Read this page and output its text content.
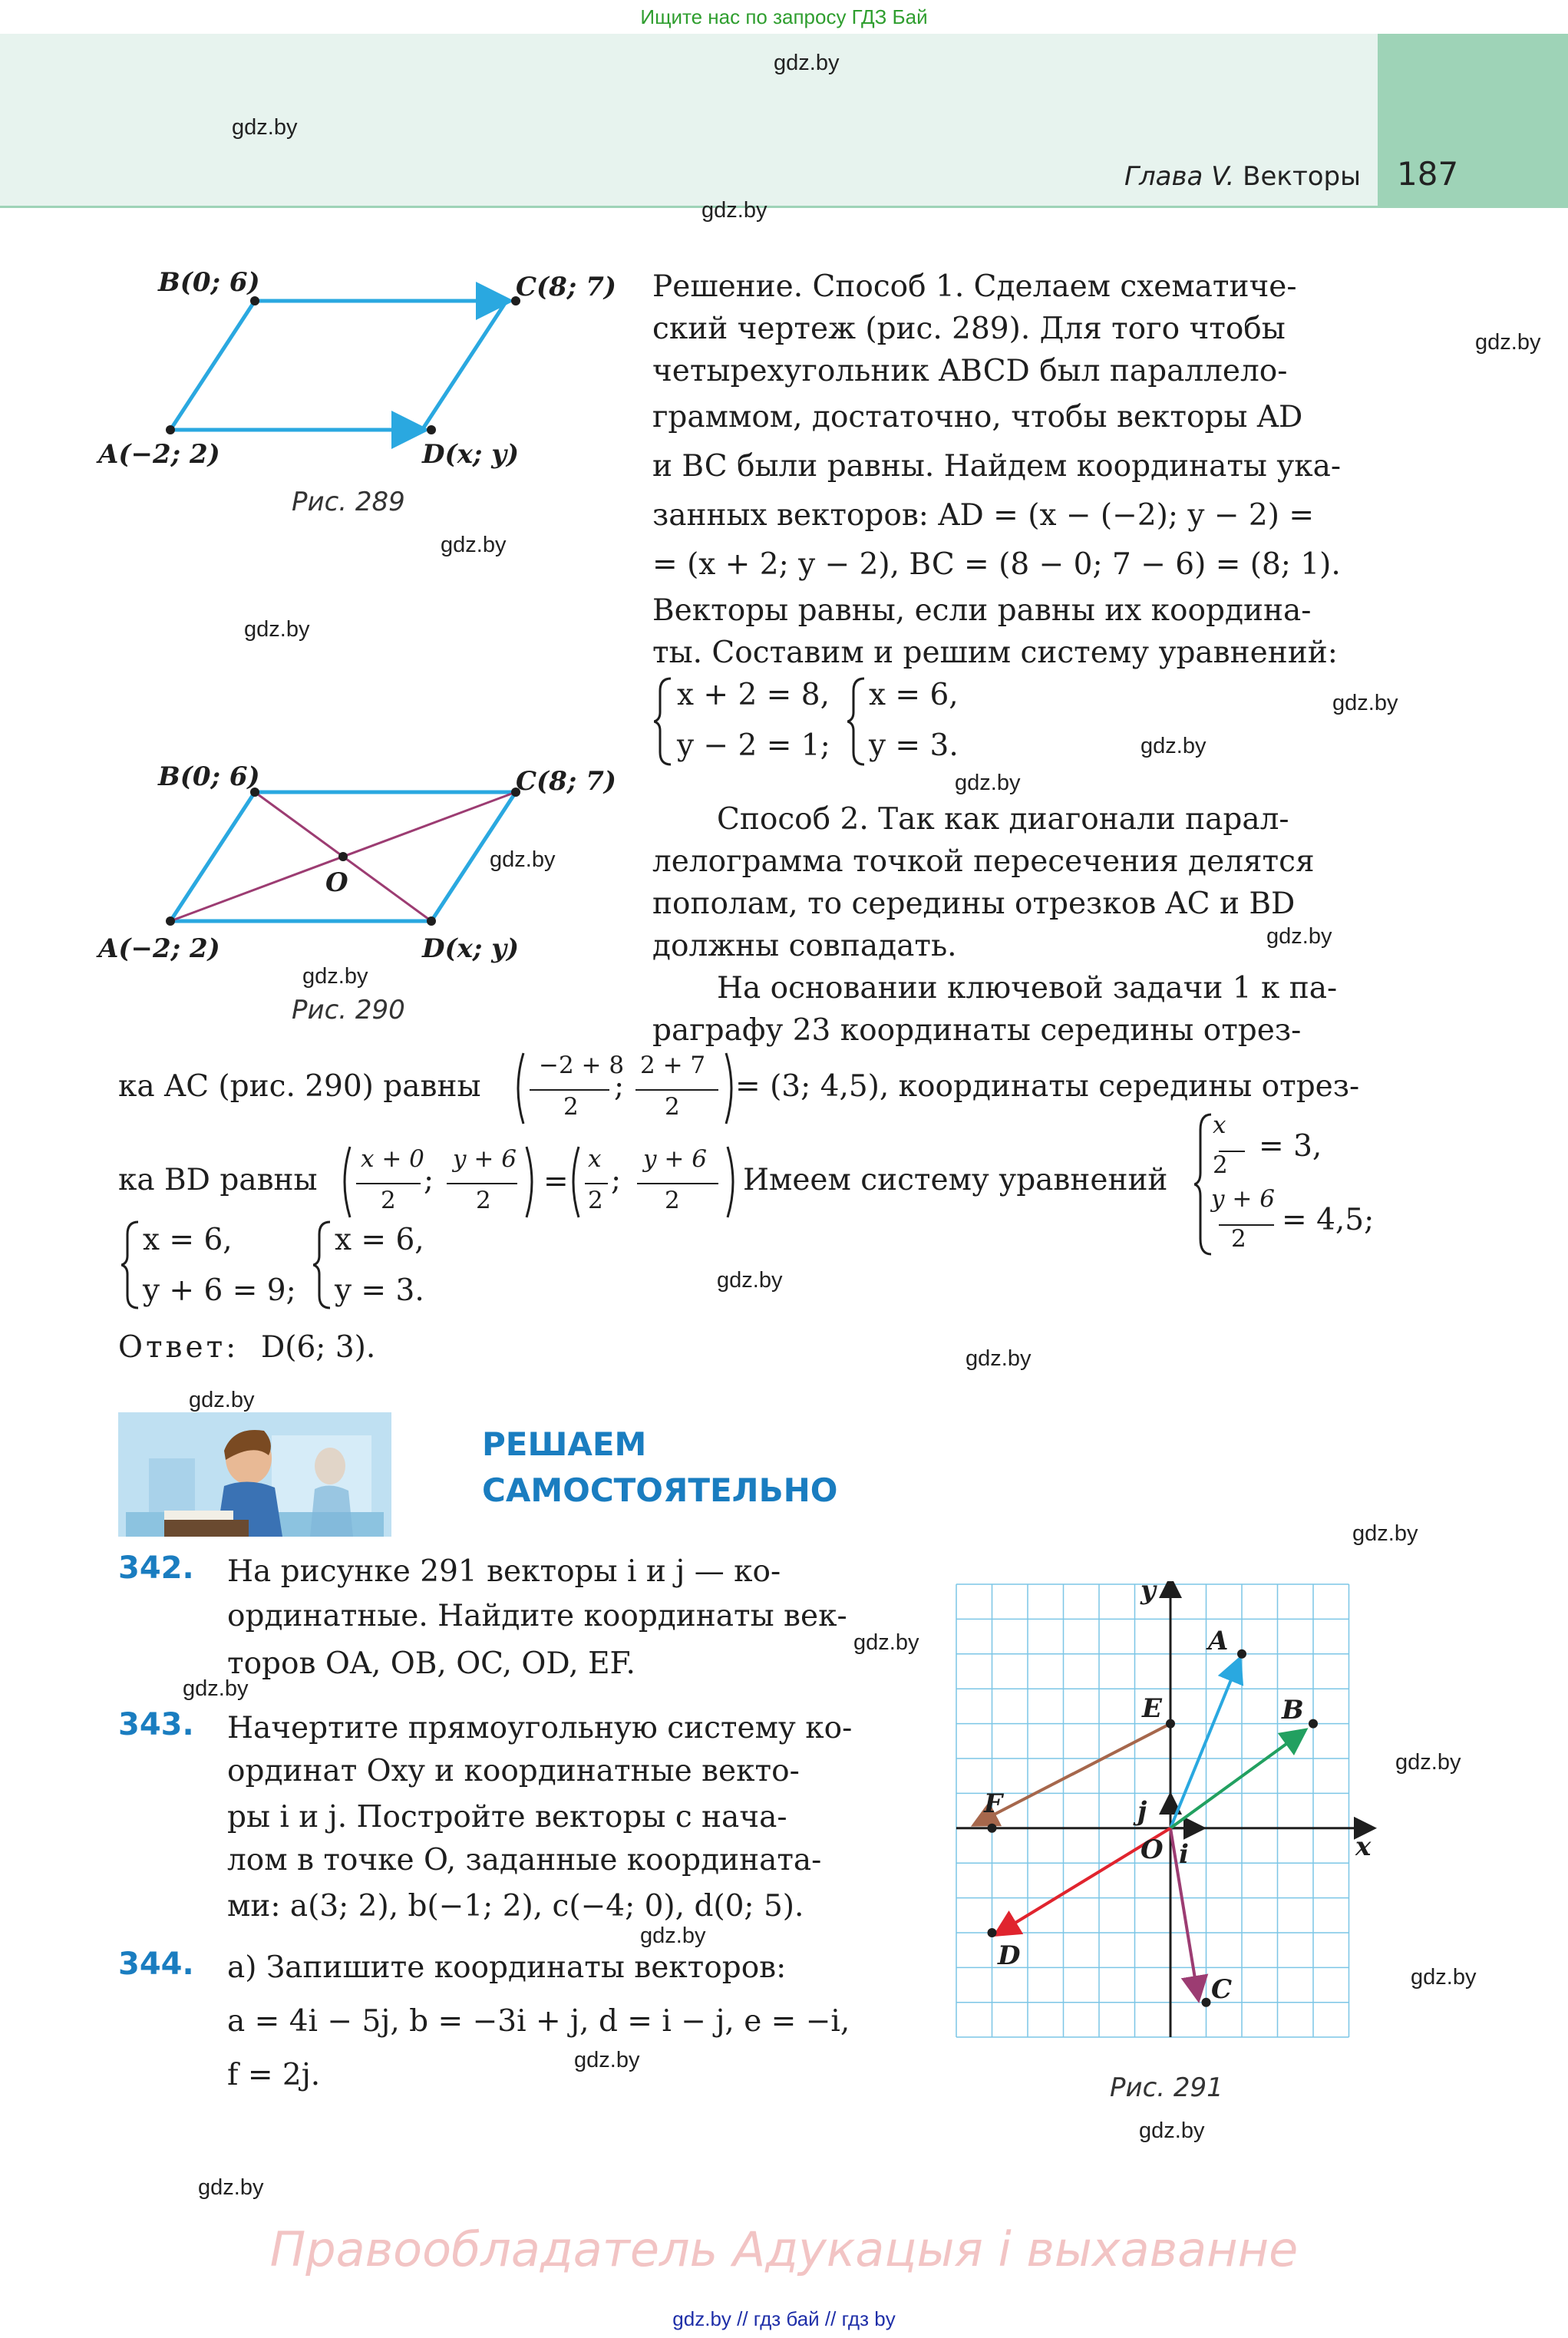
Ищите нас по запросу ГДЗ Бай
Глава V. Векторы 187
gdz.by
gdz.by
gdz.by
gdz.by
gdz.by
gdz.by
gdz.by
gdz.by
gdz.by
gdz.by
gdz.by
gdz.by
gdz.by
gdz.by
gdz.by
gdz.by
gdz.by
gdz.by
gdz.by
gdz.by
gdz.by
gdz.by
gdz.by
gdz.by
B(0; 6)	C(8; 7)
A(−2; 2)	D(x; y)
Рис. 289
B(0; 6)	C(8; 7)
A(−2; 2)	D(x; y)
O
Рис. 290
Решение. Способ 1. Сделаем схематиче-
ский чертеж (рис. 289). Для того чтобы
четырехугольник ABCD был параллело-
граммом, достаточно, чтобы векторы AD
и BC были равны. Найдем координаты ука-
занных векторов: AD = (x − (−2); y − 2) =
= (x + 2; y − 2), BC = (8 − 0; 7 − 6) = (8; 1).
Векторы равны, если равны их координа-
ты. Составим и решим систему уравнений:
x + 2 = 8,
y − 2 = 1;
x = 6,
y = 3.
Способ 2. Так как диагонали парал-
лелограмма точкой пересечения делятся
пополам, то середины отрезков AC и BD
должны совпадать.
На основании ключевой задачи 1 к па-
раграфу 23 координаты середины отрез-
ка AC (рис. 290) равны
−2 + 8
2
;
2 + 7
2
= (3; 4,5), координаты середины отрез-
ка BD равны	=
x + 0
2
;
y + 6
2
x
2
;
y + 6
2
Имеем систему уравнений
x
2
= 3,
y + 6
2
= 4,5;
x = 6,
y + 6 = 9;
x = 6,
y = 3.
Ответ: D(6; 3).
РЕШАЕМ
САМОСТОЯТЕЛЬНО
342. На рисунке 291 векторы i и j — ко-
ординатные. Найдите координаты век-
торов OA, OB, OC, OD, EF.
343. Начертите прямоугольную систему ко-
ординат Oxy и координатные векто-
ры i и j. Постройте векторы с нача-
лом в точке O, заданные координата-
ми: a(3; 2), b(−1; 2), c(−4; 0), d(0; 5).
344. а) Запишите координаты векторов:
a = 4i − 5j, b = −3i + j, d = i − j, e = −i,
f = 2j.
y
x
O
A
B
C
D
E
F
i
j
Рис. 291
Правообладатель Адукацыя і выхаванне
gdz.by // гдз бай // гдз by
